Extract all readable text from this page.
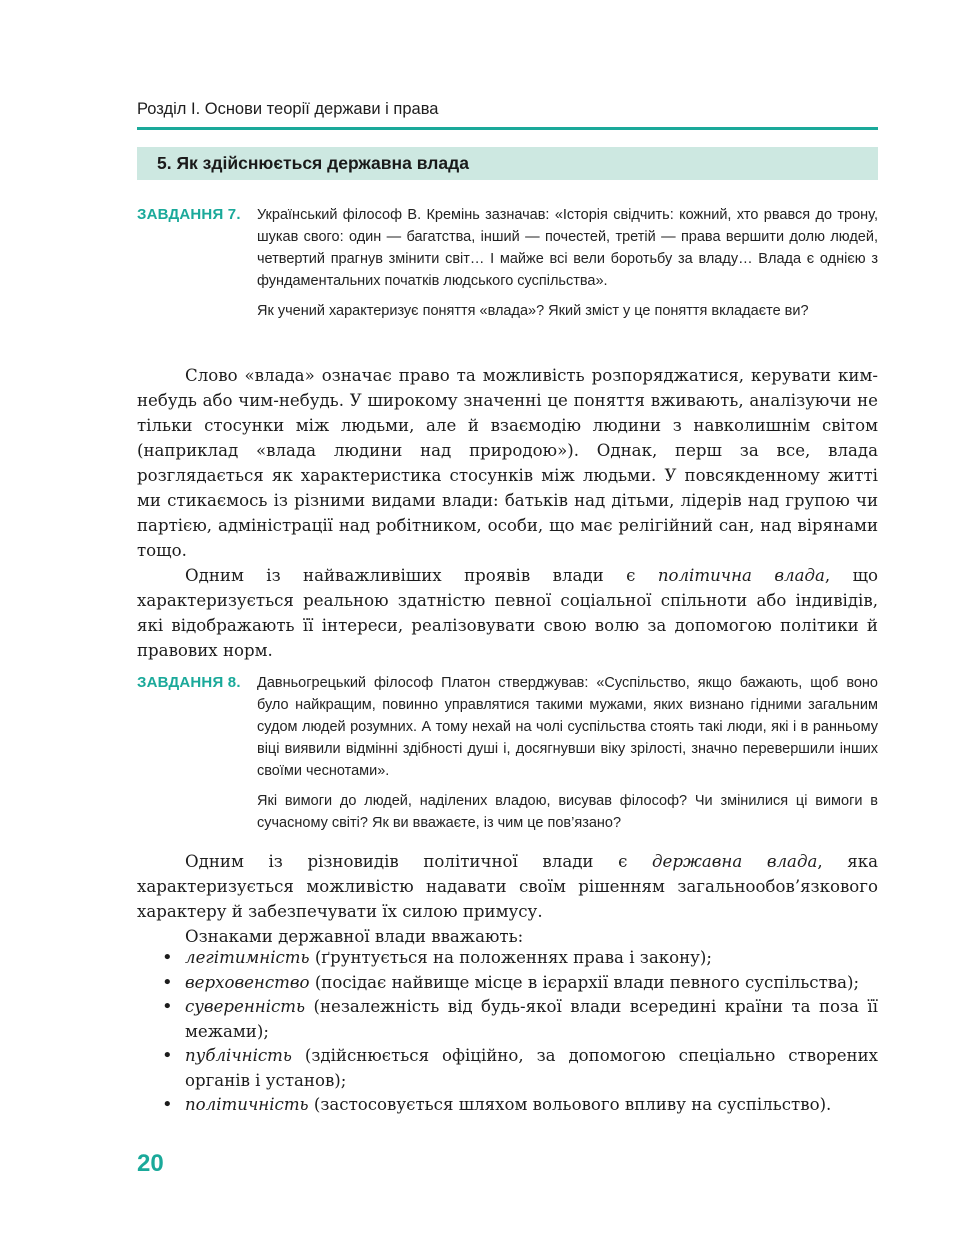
Розділ І. Основи теорії держави і права
5. Як здійснюється державна влада
ЗАВДАННЯ 7. Український філософ В. Кремінь зазначав: «Історія свідчить: кожний, хто рвався до трону, шукав свого: один — багатства, інший — почестей, третій — права вершити долю людей, четвертий прагнув змінити світ… І майже всі вели боротьбу за владу… Влада є однією з фундаментальних початків людського суспільства».

Як учений характеризує поняття «влада»? Який зміст у це поняття вкладаєте ви?

Слово «влада» означає право та можливість розпоряджатися, керувати ким-небудь або чим-небудь. У широкому значенні це поняття вживають, аналізуючи не тільки стосунки між людьми, але й взаємодію людини з навколишнім світом (наприклад «влада людини над природою»). Однак, перш за все, влада розглядається як характеристика стосунків між людьми. У повсякденному житті ми стикаємось із різними видами влади: батьків над дітьми, лідерів над групою чи партією, адміністрації над робітником, особи, що має релігійний сан, над вірянами тощо.

Одним із найважливіших проявів влади є політична влада, що характеризується реальною здатністю певної соціальної спільноти або індивідів, які відображають її інтереси, реалізовувати свою волю за допомогою політики й правових норм.

ЗАВДАННЯ 8. Давньогрецький філософ Платон стверджував: «Суспільство, якщо бажають, щоб воно було найкращим, повинно управлятися такими мужами, яких визнано гідними загальним судом людей розумних. А тому нехай на чолі суспільства стоять такі люди, які і в ранньому віці виявили відмінні здібності душі і, досягнувши віку зрілості, значно перевершили інших своїми чеснотами».

Які вимоги до людей, наділених владою, висував філософ? Чи змінилися ці вимоги в сучасному світі? Як ви вважаєте, із чим це пов’язано?

Одним із різновидів політичної влади є державна влада, яка характеризується можливістю надавати своїм рішенням загальнообов’язкового характеру й забезпечувати їх силою примусу.

Ознаками державної влади вважають:

• легітимність (ґрунтується на положеннях права і закону);
• верховенство (посідає найвище місце в ієрархії влади певного суспільства);
• суверенність (незалежність від будь-якої влади всередині країни та поза її межами);
• публічність (здійснюється офіційно, за допомогою спеціально створених органів і установ);
• політичність (застосовується шляхом вольового впливу на суспільство).
20
